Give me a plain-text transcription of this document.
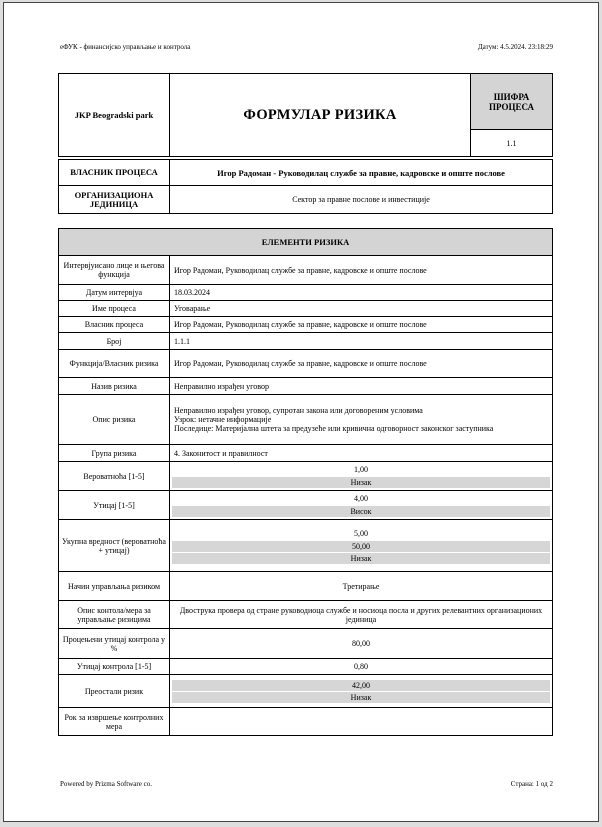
еФУК - финансијско управљање и контрола	Датум: 4.5.2024. 23:18:29
JKP Beogradski park	ФОРМУЛАР РИЗИКА	ШИФРА ПРОЦЕСА
1.1
ВЛАСНИК ПРОЦЕСА	Игор Радоман - Руководилац службе за правне, кадровске и опште послове
ОРГАНИЗАЦИОНА ЈЕДИНИЦА	Сектор за правне послове и инвестиције
ЕЛЕМЕНТИ РИЗИКА	
Интервјуисано лице и његова функција	Игор Радоман, Руководилац службе за правне, кадровске и опште послове
Датум интервјуа	18.03.2024
Име процеса	Уговарање
Власник процеса	Игор Радоман, Руководилац службе за правне, кадровске и опште послове
Број	1.1.1
Функција/Власник ризика	Игор Радоман, Руководилац службе за правне, кадровске и опште послове
Назив ризика	Неправилно израђен уговор
Опис ризика	Неправилно израђен уговор, супротан закона или договореним условима
Узрок: нетачне информације
Последице: Материјална штета за предузеће или кривична одговорност законског заступника

Група ризика	4. Законитост и правилност
Вероватноћа [1-5]	1,00
Низак

Утицај [1-5]	4,00
Висок

Укупна вредност (вероватноћа + утицај)	5,00
50,00
Низак

Начин управљања ризиком	Третирање
Опис контола/мера за управљање ризицима	Двострука провера од стране руководиоца службе и носиоца посла и других релевантних организационих јединица
Процењени утицај контрола у %	80,00
Утицај контрола [1-5]	0,80
Преостали ризик	42,00
Низак

Рок за извршење контролних мера	
Powered by Prizma Software co.	Страна: 1 од 2
